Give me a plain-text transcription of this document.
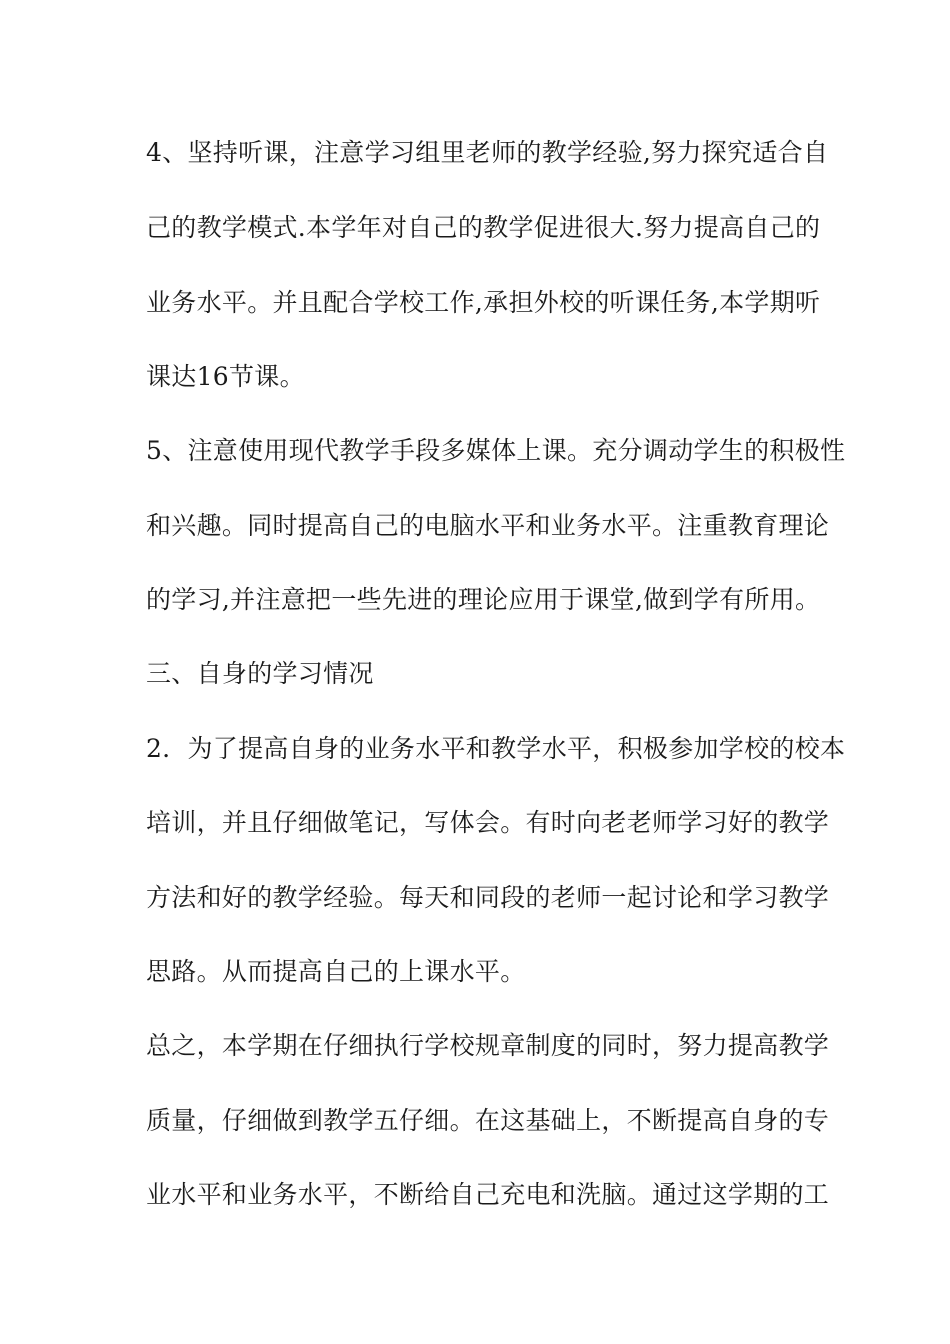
4、坚持听课，注意学习组里老师的教学经验,努力探究适合自
己的教学模式.本学年对自己的教学促进很大.努力提高自己的
业务水平。并且配合学校工作,承担外校的听课任务,本学期听
课达16节课。
5、注意使用现代教学手段多媒体上课。充分调动学生的积极性
和兴趣。同时提高自己的电脑水平和业务水平。注重教育理论
的学习,并注意把一些先进的理论应用于课堂,做到学有所用。
三、自身的学习情况
2．为了提高自身的业务水平和教学水平，积极参加学校的校本
培训，并且仔细做笔记，写体会。有时向老老师学习好的教学
方法和好的教学经验。每天和同段的老师一起讨论和学习教学
思路。从而提高自己的上课水平。
总之，本学期在仔细执行学校规章制度的同时，努力提高教学
质量，仔细做到教学五仔细。在这基础上，不断提高自身的专
业水平和业务水平，不断给自己充电和洗脑。通过这学期的工
